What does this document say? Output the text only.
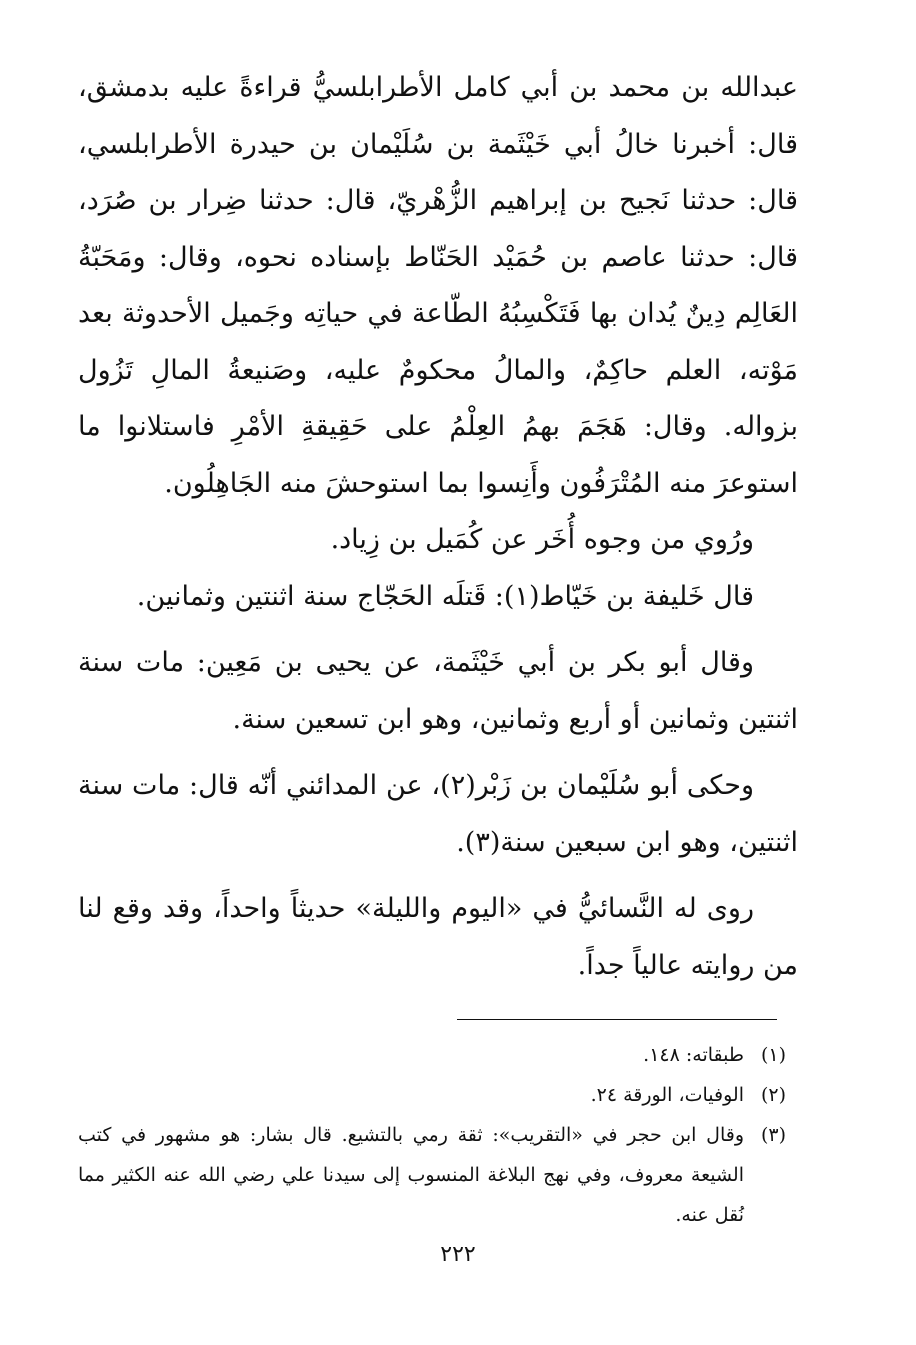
عبدالله بن محمد بن أبي كامل الأطرابلسيُّ قراءةً عليه بدمشق، قال: أخبرنا خالُ أبي خَيْثَمة بن سُلَيْمان بن حيدرة الأطرابلسي، قال: حدثنا نَجيح بن إبراهيم الزُّهْريّ، قال: حدثنا ضِرار بن صُرَد، قال: حدثنا عاصم بن حُمَيْد الحَنّاط بإسناده نحوه، وقال: ومَحَبّةُ العَالِم دِينٌ يُدان بها فَتَكْسِبُهُ الطّاعة في حياتِه وجَميل الأحدوثة بعد مَوْته، العلم حاكِمٌ، والمالُ محكومٌ عليه، وصَنيعةُ المالِ تَزُول بزواله. وقال: هَجَمَ بهمُ العِلْمُ على حَقِيقةِ الأمْرِ فاستلانوا ما استوعرَ منه المُتْرَفُون وأَنِسوا بما استوحشَ منه الجَاهِلُون.

ورُوي من وجوه أُخَر عن كُمَيل بن زِياد.

قال خَليفة بن خَيّاط(١): قَتلَه الحَجّاج سنة اثنتين وثمانين.

وقال أبو بكر بن أبي خَيْثَمة، عن يحيى بن مَعِين: مات سنة اثنتين وثمانين أو أربع وثمانين، وهو ابن تسعين سنة.

وحكى أبو سُلَيْمان بن زَبْر(٢)، عن المدائني أنّه قال: مات سنة اثنتين، وهو ابن سبعين سنة(٣).

روى له النَّسائيُّ في «اليوم والليلة» حديثاً واحداً، وقد وقع لنا من روايته عالياً جداً.

(١)
طبقاته: ١٤٨.
(٢)
الوفيات، الورقة ٢٤.
(٣)
وقال ابن حجر في «التقريب»: ثقة رمي بالتشيع. قال بشار: هو مشهور في كتب الشيعة معروف، وفي نهج البلاغة المنسوب إلى سيدنا علي رضي الله عنه الكثير مما نُقل عنه.
٢٢٢
